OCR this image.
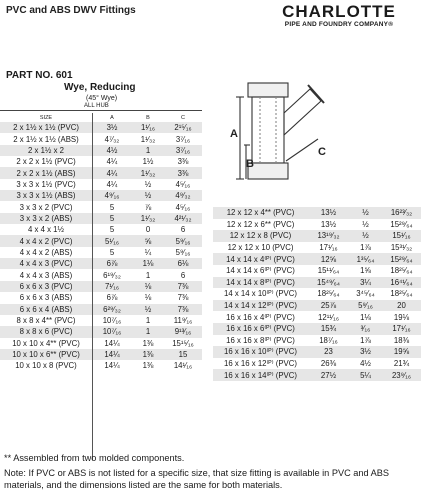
PVC and ABS DWV Fittings	CHARLOTTE
PIPE AND FOUNDRY COMPANY®
PART NO. 601
Wye, Reducing
(45° Wye)
ALL HUB
SIZE	A	B	C
2 x 1½ x 1½ (PVC)	3½	1¹⁄₁₆	2¹⁵⁄₁₆
2 x 1½ x 1½ (ABS)	4⁷⁄₃₂	1¹⁄₃₂	3⁷⁄₁₆
2 x 1½ x 2	4½	1	3⁷⁄₁₆
2 x 2 x 1½ (PVC)	4¼	1½	3⅜
2 x 2 x 1½ (ABS)	4¼	1¹⁄₃₂	3⅜
3 x 3 x 1½ (PVC)	4¼	½	4⁵⁄₁₆
3 x 3 x 1½ (ABS)	4⁹⁄₁₆	½	4⁹⁄₃₂
3 x 3 x 2 (PVC)	5	⅞	4⁵⁄₁₆
3 x 3 x 2 (ABS)	5	1¹⁄₃₂	4²¹⁄₃₂
4 x 4 x 1½	5	0	6
4 x 4 x 2 (PVC)	5¹⁄₁₆	⅝	5⁹⁄₁₆
4 x 4 x 2 (ABS)	5	¼	5⁹⁄₁₆
4 x 4 x 3 (PVC)	6⅞	1⅛	6⅛
4 x 4 x 3 (ABS)	6¹⁹⁄₃₂	1	6
6 x 6 x 3 (PVC)	7¹⁄₁₆	⅛	7⅜
6 x 6 x 3 (ABS)	6⅞	⅛	7⅜
6 x 6 x 4 (ABS)	6²⁹⁄₃₂	½	7⅜
8 x 8 x 4** (PVC)	10⁷⁄₁₆	1	11⁹⁄₁₆
8 x 8 x 6 (PVC)	10⁷⁄₁₆	1	9¹³⁄₁₆
10 x 10 x 4** (PVC)	14¼	1⅜	15¹⁵⁄₁₆
10 x 10 x 6** (PVC)	14¼	1⅜	15
10 x 10 x 8 (PVC)	14¼	1⅜	14¹⁄₁₆
A
B
C
12 x 12 x 4** (PVC)	13½	½	16²³⁄₃₂
12 x 12 x 6** (PVC)	13½	½	15²⁹⁄₆₄
12 x 12 x 8 (PVC)	13¹⁹⁄₃₂	½	15¹⁄₁₆
12 x 12 x 10 (PVC)	17¹⁄₁₆	1⅞	15³¹⁄₃₂
14 x 14 x 4⁽ᴾ⁾ (PVC)	12⅝	1³⁵⁄₆₄	15²⁹⁄₆₄
14 x 14 x 6⁽ᴾ⁾ (PVC)	15¹¹⁄₆₄	1⅝	18²⁵⁄₆₄
14 x 14 x 8⁽ᴾ⁾ (PVC)	15⁴⁹⁄₆₄	3¼	16⁴¹⁄₆₄
14 x 14 x 10⁽ᴾ⁾ (PVC)	18²⁵⁄₆₄	3⁴⁵⁄₆₄	18²⁵⁄₆₄
14 x 14 x 12⁽ᴾ⁾ (PVC)	25⅞	5⁹⁄₁₆	20
16 x 16 x 4⁽ᴾ⁾ (PVC)	12¹¹⁄₁₆	1⅛	19⅛
16 x 16 x 6⁽ᴾ⁾ (PVC)	15¾	³⁄₁₆	17¹⁄₁₆
16 x 16 x 8⁽ᴾ⁾ (PVC)	18⁷⁄₁₆	1⅞	18⅜
16 x 16 x 10⁽ᴾ⁾ (PVC)	23	3½	19⅝
16 x 16 x 12⁽ᴾ⁾ (PVC)	26⅜	4½	21¾
16 x 16 x 14⁽ᴾ⁾ (PVC)	27½	5¼	23⁹⁄₁₆
** Assembled from two molded components.
Note: If PVC or ABS is not listed for a specific size, that size fitting is available in PVC and ABS materials, and the dimensions listed are the same for both materials.
